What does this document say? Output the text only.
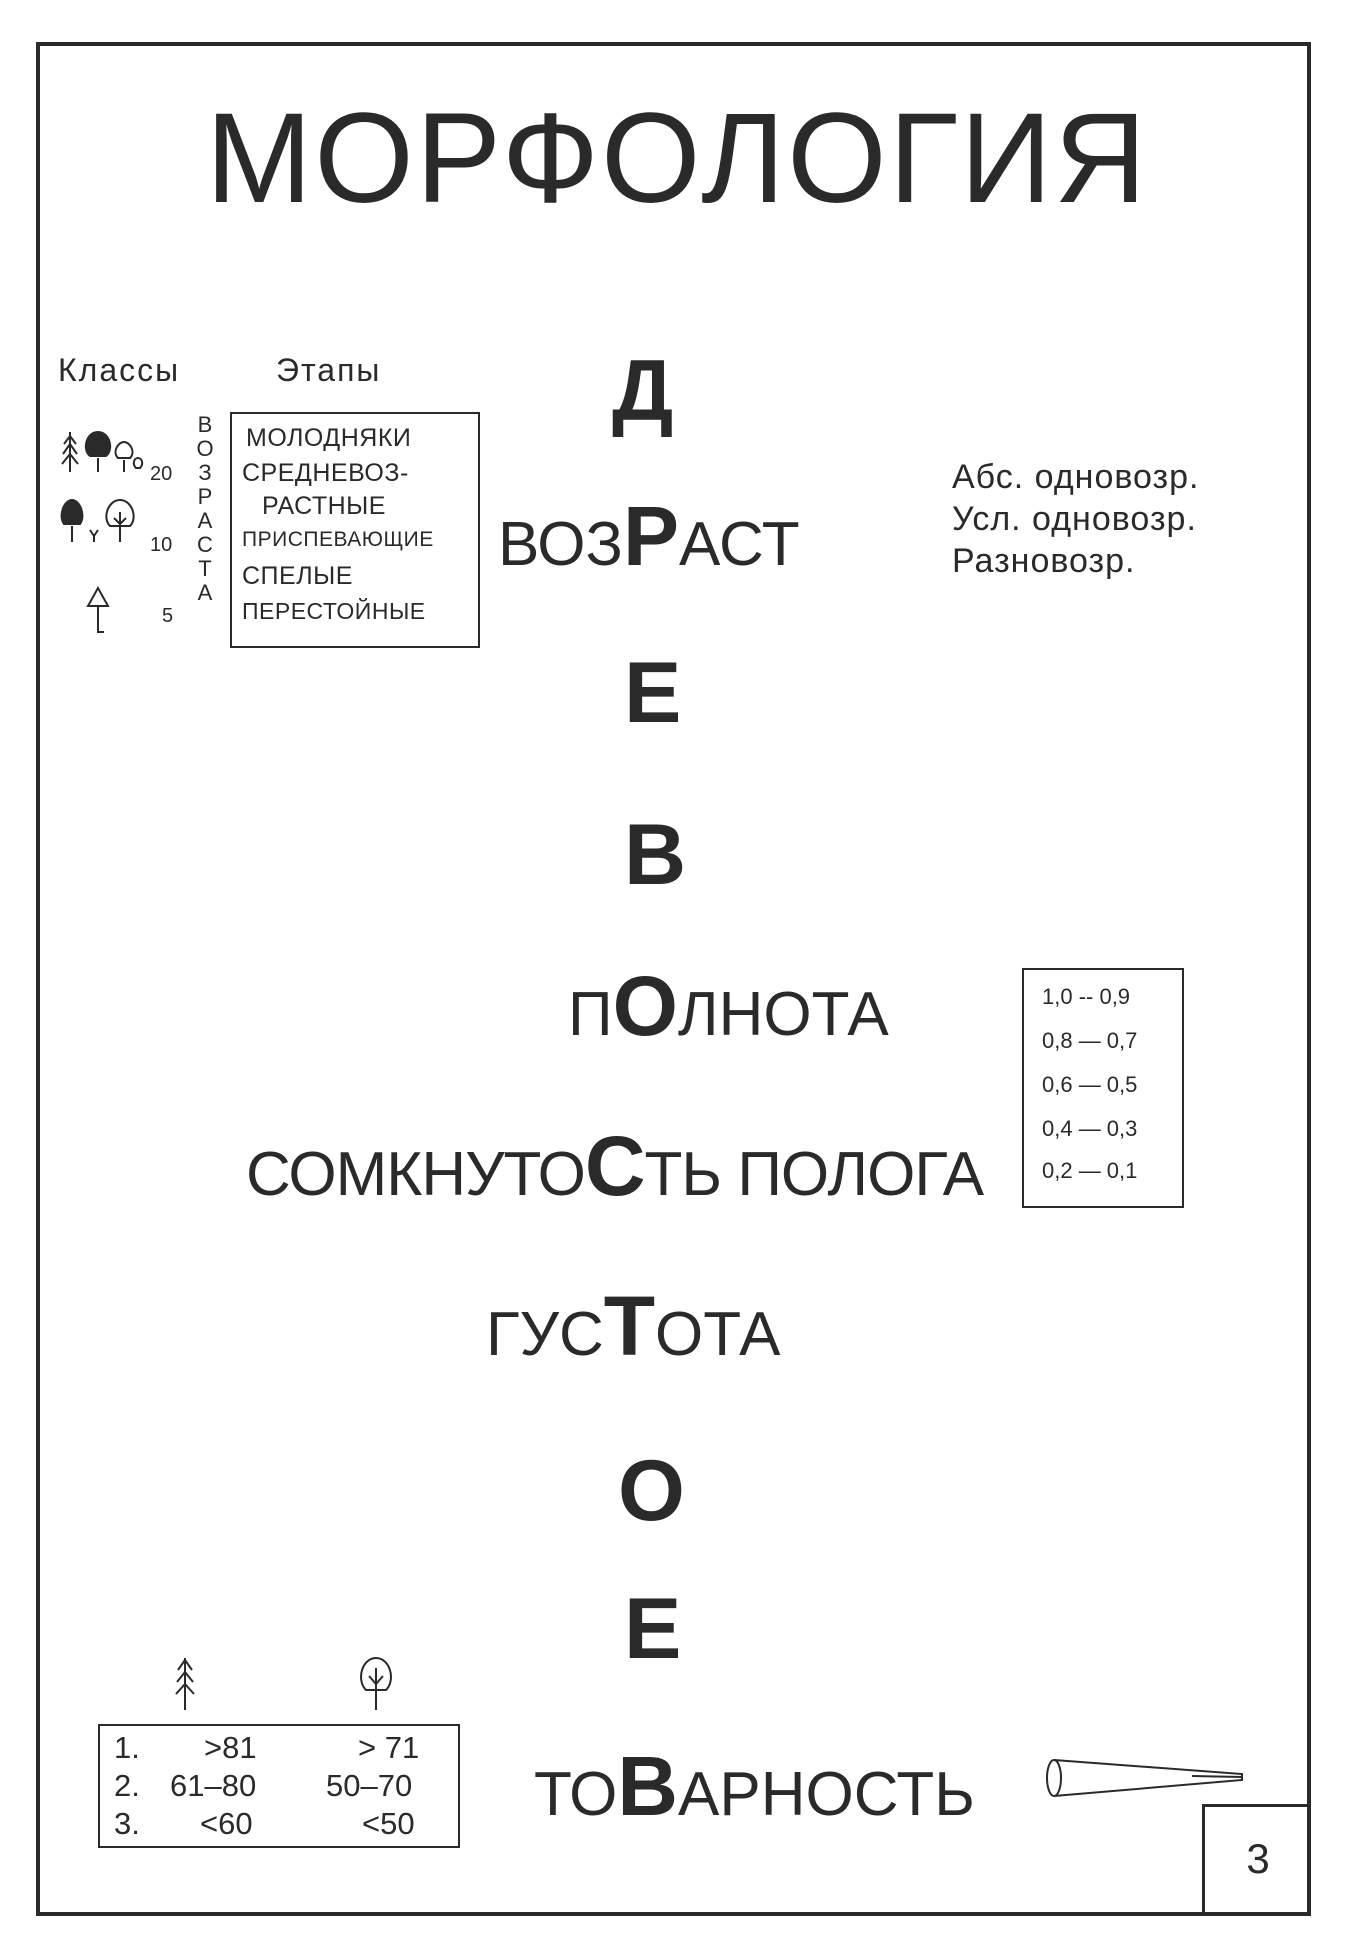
МОРФОЛОГИЯ
Классы	Этапы
20
10
5
В
О
З
Р
А
С
Т
А
МОЛОДНЯКИ
СРЕДНЕВОЗ-
РАСТНЫЕ
ПРИСПЕВАЮЩИЕ
СПЕЛЫЕ
ПЕРЕСТОЙНЫЕ
Д
ВОЗРАСТ
Е
В
ПОЛНОТА
СОМКНУТОСТЬ ПОЛОГА
ГУСТОТА
О
Е
ТОВАРНОСТЬ
Абс. одновозр.
Усл. одновозр.
Разновозр.
1,0 -- 0,9
0,8 — 0,7
0,6 — 0,5
0,4 — 0,3
0,2 — 0,1
1. >81	> 71
2. 61–80 50–70
3. <60	<50
3
